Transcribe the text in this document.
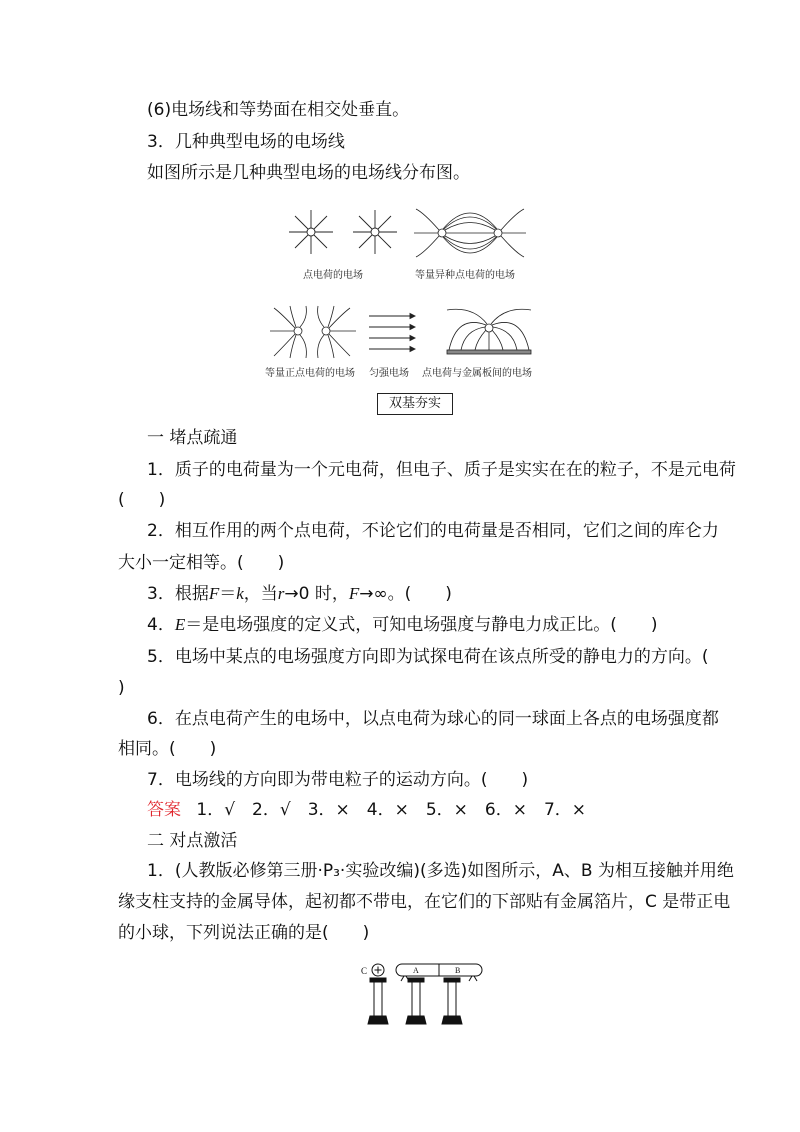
(6)电场线和等势面在相交处垂直。
3．几种典型电场的电场线
如图所示是几种典型电场的电场线分布图。
点电荷的电场	等量异种点电荷的电场
等量正点电荷的电场 匀强电场 点电荷与金属板间的电场
双基夯实
一 堵点疏通
1．质子的电荷量为一个元电荷，但电子、质子是实实在在的粒子，不是元电荷
(　　)
2．相互作用的两个点电荷，不论它们的电荷量是否相同，它们之间的库仑力
大小一定相等。(　　)
3．根据F＝k，当r→0 时，F→∞。(　　)
4．E＝是电场强度的定义式，可知电场强度与静电力成正比。(　　)
5．电场中某点的电场强度方向即为试探电荷在该点所受的静电力的方向。(
)
6．在点电荷产生的电场中，以点电荷为球心的同一球面上各点的电场强度都
相同。(　　)
7．电场线的方向即为带电粒子的运动方向。(　　)
答案 1．√　2．√　3．×　4．×　5．×　6．×　7．×
二 对点激活
1．(人教版必修第三册·P₃·实验改编)(多选)如图所示，A、B 为相互接触并用绝
缘支柱支持的金属导体，起初都不带电，在它们的下部贴有金属箔片，C 是带正电
的小球，下列说法正确的是(　　)
C	A	B
